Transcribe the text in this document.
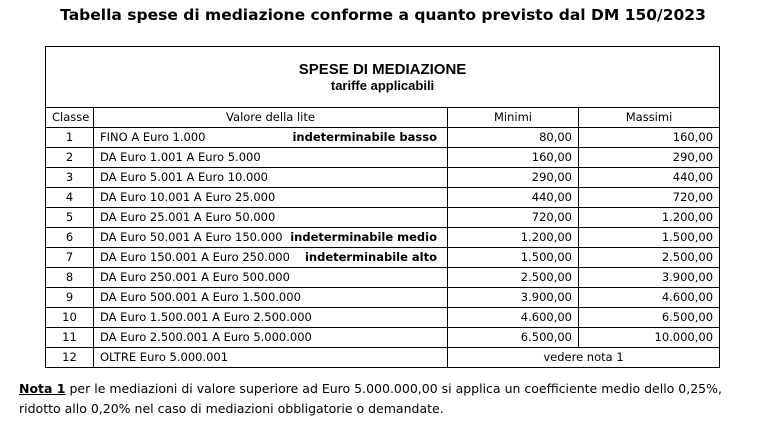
Tabella spese di mediazione conforme a quanto previsto dal DM 150/2023
SPESE DI MEDIAZIONE
tariffe applicabili			

Classe	Valore della lite	Minimi	Massimi
1	FINO A Euro 1.000 indeterminabile basso	80,00	160,00
2	DA Euro 1.001 A Euro 5.000	160,00	290,00
3	DA Euro 5.001 A Euro 10.000	290,00	440,00
4	DA Euro 10.001 A Euro 25.000	440,00	720,00
5	DA Euro 25.001 A Euro 50.000	720,00	1.200,00
6	DA Euro 50.001 A Euro 150.000 indeterminabile medio	1.200,00	1.500,00
7	DA Euro 150.001 A Euro 250.000 indeterminabile alto	1.500,00	2.500,00
8	DA Euro 250.001 A Euro 500.000	2.500,00	3.900,00
9	DA Euro 500.001 A Euro 1.500.000	3.900,00	4.600,00
10	DA Euro 1.500.001 A Euro 2.500.000	4.600,00	6.500,00
11	DA Euro 2.500.001 A Euro 5.000.000	6.500,00	10.000,00
12	OLTRE Euro 5.000.001	vedere nota 1	
Nota 1 per le mediazioni di valore superiore ad Euro 5.000.000,00 si applica un coefficiente medio dello 0,25%, ridotto allo 0,20% nel caso di mediazioni obbligatorie o demandate.
